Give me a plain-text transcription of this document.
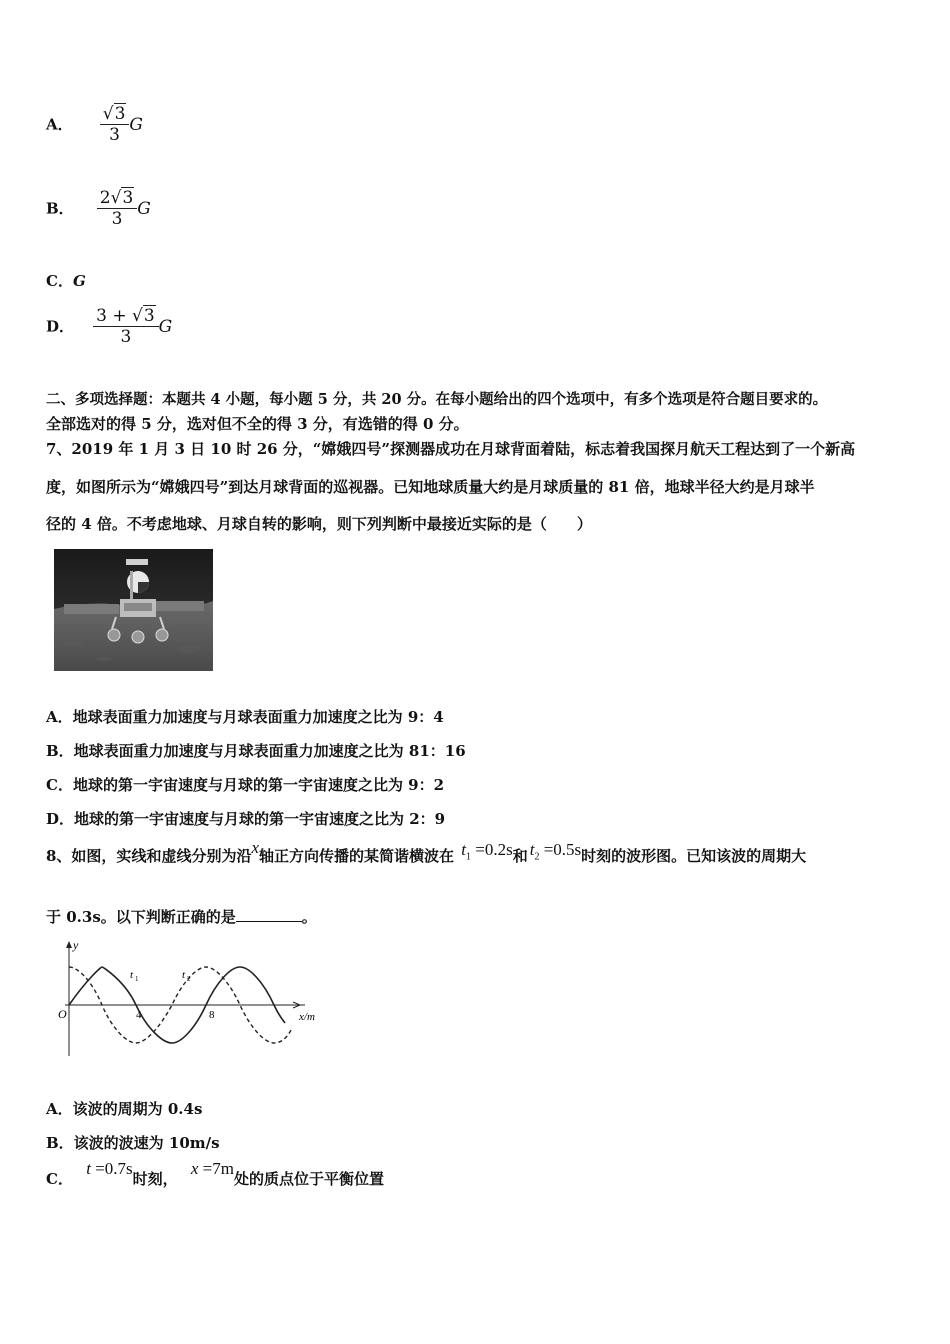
A． $\frac{√3}{3}$ G
B． $\frac{2√3}{3}$ G
C．G
D． $\frac{3 + √3}{3}$ G
二、多项选择题：本题共 4 小题，每小题 5 分，共 20 分。在每小题给出的四个选项中，有多个选项是符合题目要求的。
全部选对的得 5 分，选对但不全的得 3 分，有选错的得 0 分。
7、2019 年 1 月 3 日 10 时 26 分，“嫦娥四号”探测器成功在月球背面着陆，标志着我国探月航天工程达到了一个新高
度，如图所示为“嫦娥四号”到达月球背面的巡视器。已知地球质量大约是月球质量的 81 倍，地球半径大约是月球半
径的 4 倍。不考虑地球、月球自转的影响，则下列判断中最接近实际的是（　　）
A．地球表面重力加速度与月球表面重力加速度之比为 9：4
B．地球表面重力加速度与月球表面重力加速度之比为 81：16
C．地球的第一宇宙速度与月球的第一宇宙速度之比为 9：2
D．地球的第一宇宙速度与月球的第一宇宙速度之比为 2：9
8、如图，实线和虚线分别为沿x轴正方向传播的某简谐横波在 $t_1 =0.2s$和 $t_2 =0.5s$时刻的波形图。已知该波的周期大
于 0.3s。以下判断正确的是	。
y
O	4	8	x/m
t 1	t 2
A．该波的周期为 0.4s
B．该波的波速为 10m/s
C． t =0.7s时刻， x =7m处的质点位于平衡位置
